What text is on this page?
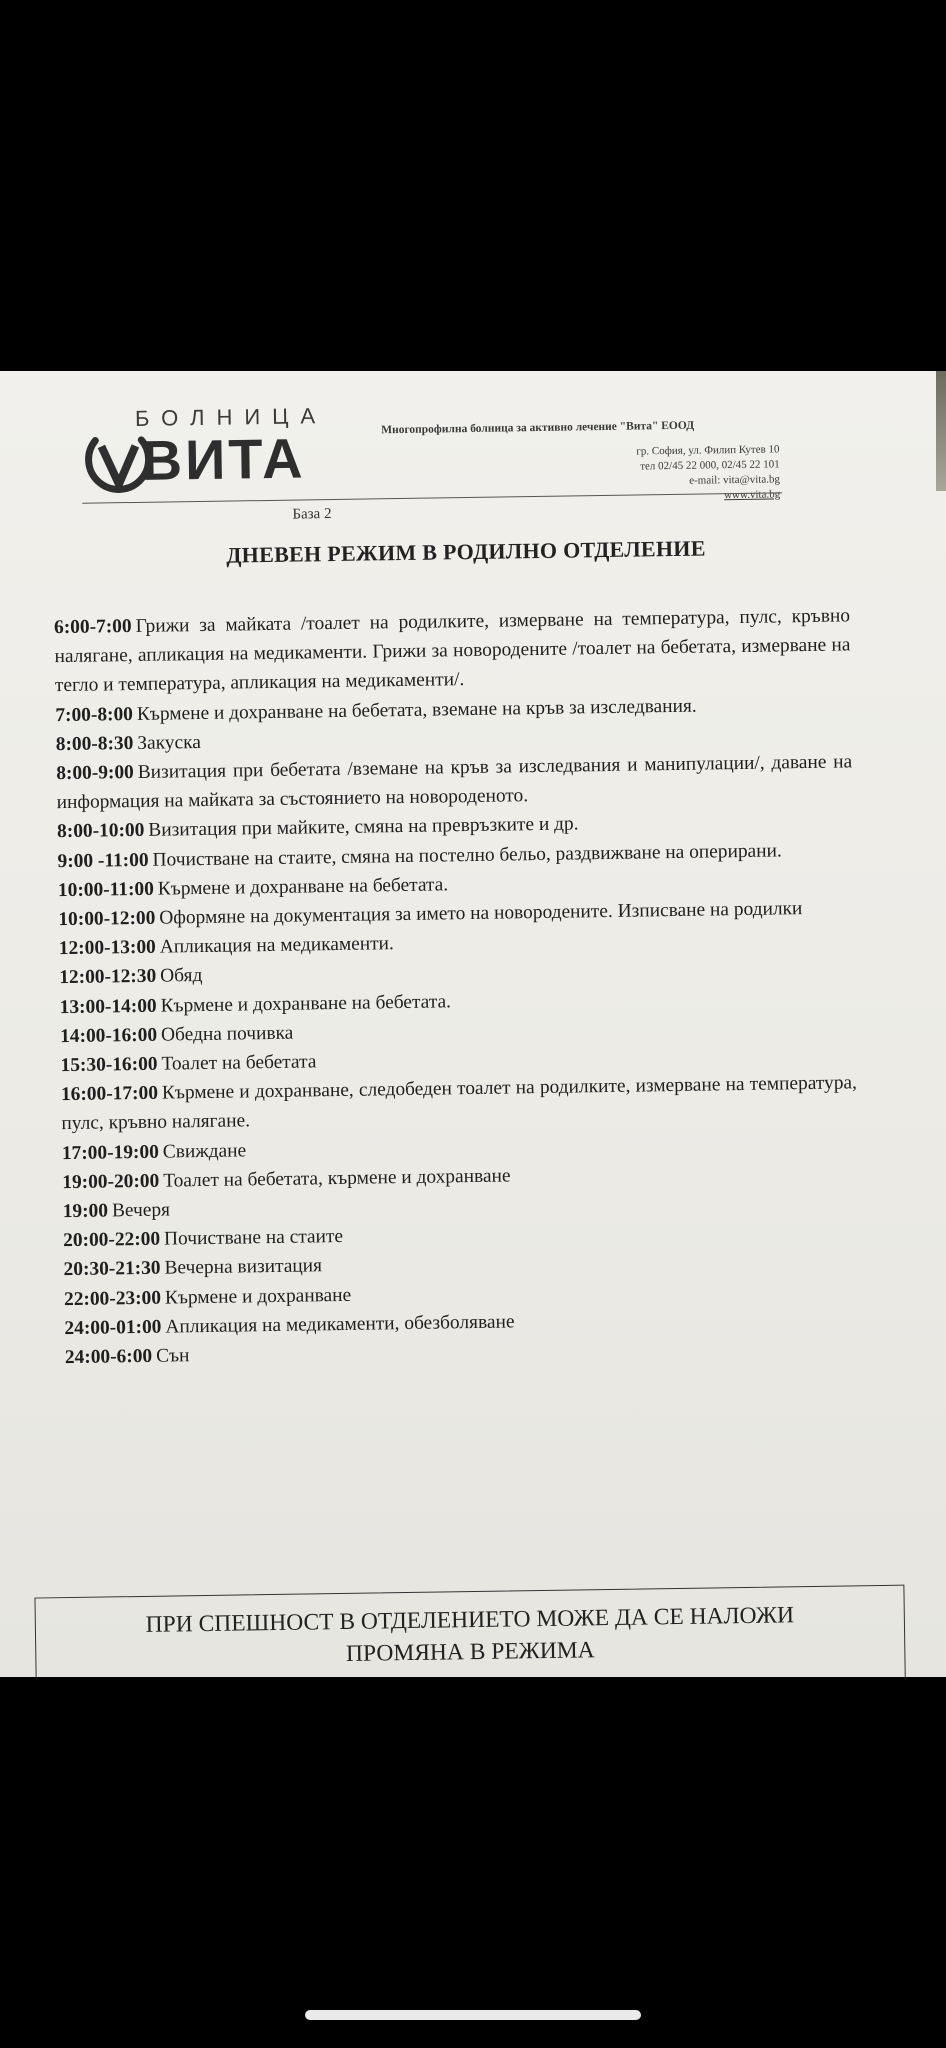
БОЛНИЦА
ВИТА
База 2
Многопрофилна болница за активно лечение "Вита" ЕООД
гр. София, ул. Филип Кутев 10
тел 02/45 22 000, 02/45 22 101
e-mail: vita@vita.bg
www.vita.bg
ДНЕВЕН РЕЖИМ В РОДИЛНО ОТДЕЛЕНИЕ
6:00-7:00 Грижи за майката /тоалет на родилките, измерване на температура, пулс, кръвно налягане, апликация на медикаменти. Грижи за новородените /тоалет на бебетата, измерване на тегло и температура, апликация на медикаменти/.
7:00-8:00 Кърмене и дохранване на бебетата, вземане на кръв за изследвания.
8:00-8:30 Закуска
8:00-9:00 Визитация при бебетата /вземане на кръв за изследвания и манипулации/, даване на информация на майката за състоянието на новороденото.
8:00-10:00 Визитация при майките, смяна на превръзките и др.
9:00 -11:00 Почистване на стаите, смяна на постелно бельо, раздвижване на оперирани.
10:00-11:00 Кърмене и дохранване на бебетата.
10:00-12:00 Оформяне на документация за името на новородените. Изписване на родилки
12:00-13:00 Апликация на медикаменти.
12:00-12:30 Обяд
13:00-14:00 Кърмене и дохранване на бебетата.
14:00-16:00 Обедна почивка
15:30-16:00 Тоалет на бебетата
16:00-17:00 Кърмене и дохранване, следобеден тоалет на родилките, измерване на температура, пулс, кръвно налягане.
17:00-19:00 Свиждане
19:00-20:00 Тоалет на бебетата, кърмене и дохранване
19:00 Вечеря
20:00-22:00 Почистване на стаите
20:30-21:30 Вечерна визитация
22:00-23:00 Кърмене и дохранване
24:00-01:00 Апликация на медикаменти, обезболяване
24:00-6:00 Сън
ПРИ СПЕШНОСТ В ОТДЕЛЕНИЕТО МОЖЕ ДА СЕ НАЛОЖИ
ПРОМЯНА В РЕЖИМА
